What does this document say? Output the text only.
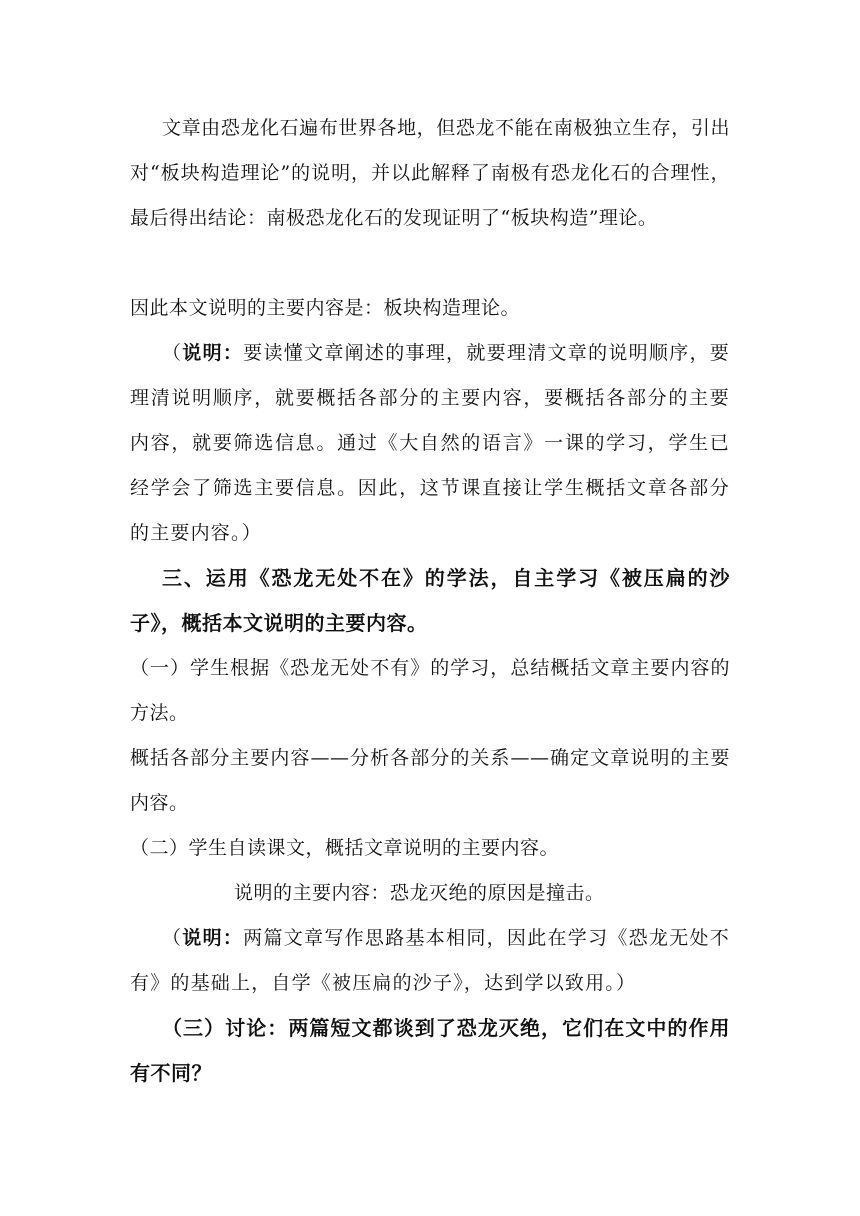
文章由恐龙化石遍布世界各地，但恐龙不能在南极独立生存，引出对“板块构造理论”的说明，并以此解释了南极有恐龙化石的合理性，最后得出结论：南极恐龙化石的发现证明了“板块构造”理论。

因此本文说明的主要内容是：板块构造理论。

（说明：要读懂文章阐述的事理，就要理清文章的说明顺序，要理清说明顺序，就要概括各部分的主要内容，要概括各部分的主要内容，就要筛选信息。通过《大自然的语言》一课的学习，学生已经学会了筛选主要信息。因此，这节课直接让学生概括文章各部分的主要内容。）

三、运用《恐龙无处不在》的学法，自主学习《被压扁的沙子》，概括本文说明的主要内容。

（一）学生根据《恐龙无处不有》的学习，总结概括文章主要内容的方法。

概括各部分主要内容——分析各部分的关系——确定文章说明的主要内容。

（二）学生自读课文，概括文章说明的主要内容。

说明的主要内容：恐龙灭绝的原因是撞击。

（说明：两篇文章写作思路基本相同，因此在学习《恐龙无处不有》的基础上，自学《被压扁的沙子》，达到学以致用。）

（三）讨论：两篇短文都谈到了恐龙灭绝，它们在文中的作用有不同？
